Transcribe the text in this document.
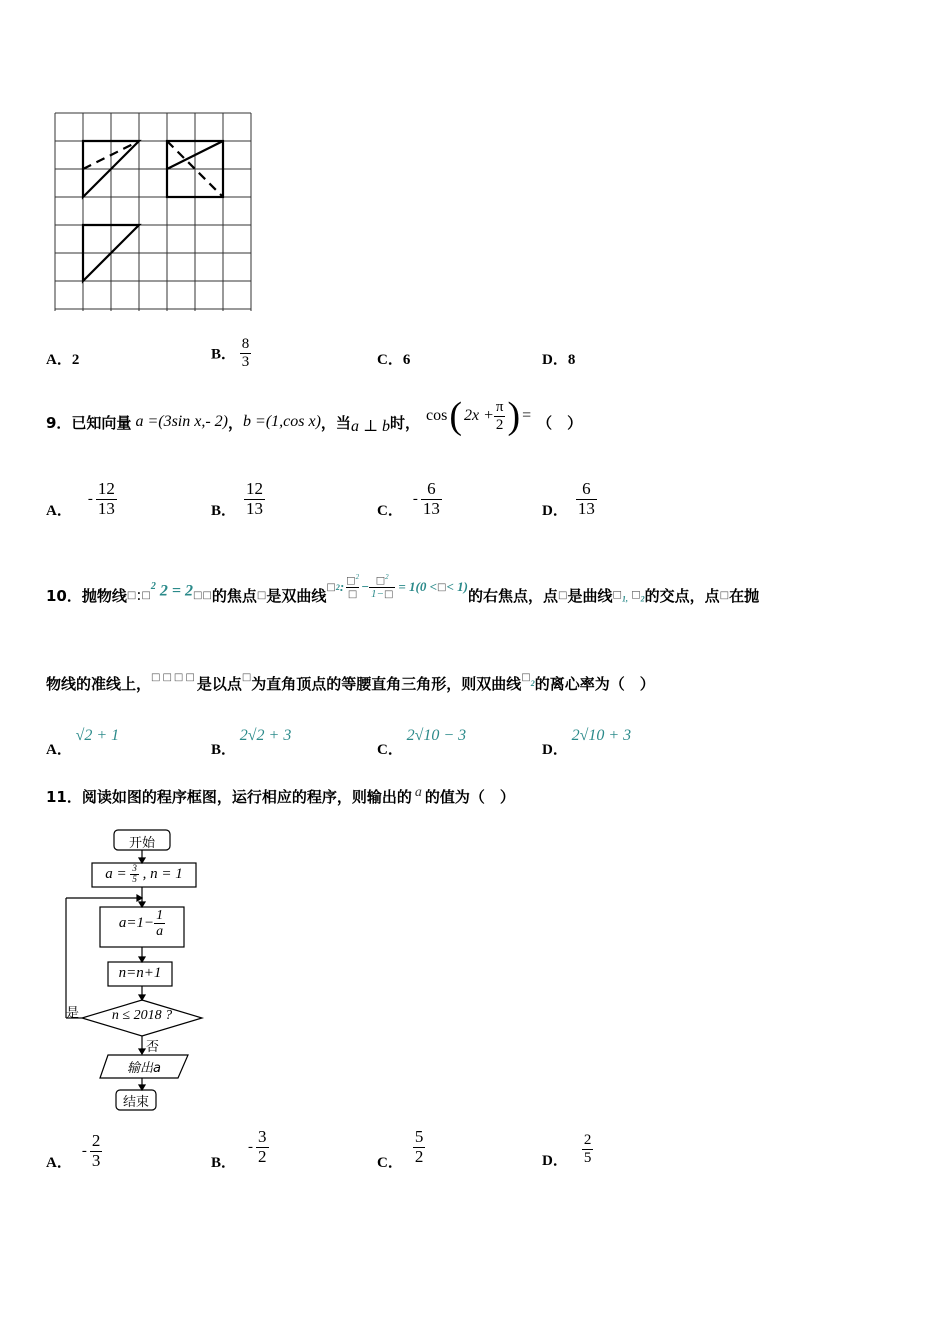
A．2	B． $\frac{8}{3}$	C．6	D．8
9．已知向量 a =(3sin x,- 2) ， b =(1,cos x) ，当 a ⊥ b 时， cos ( $2x + \frac{\pi}{2}$ ) = （　）
A．
- $\frac{12}{13}$	B． $\frac{12}{13}$	C．
- $\frac{6}{13}$	D． $\frac{6}{13}$
10．抛物线 □ : □
$^2$ 2 = 2 □□ 的焦点 □ 是双曲线 □ 2 : $\frac{□^2}{□} - \frac{□^2}{1-□} = 1(0$ < □ < 1) 的右焦点，点 □ 是曲线 $□_{1,}$ $□_2$ 的交点，点 □ 在抛
物线的准线上， □□□□ 是以点 □ 为直角顶点的等腰直角三角形，则双曲线 □
$_2$ 的离心率为（　）
A． √2 + 1
B． 2√2 + 3
C． 2√10 − 3
D． 2√10 + 3
11．阅读如图的程序框图，运行相应的程序，则输出的 a 的值为（　）
开始
$a = \frac{3}{5}$ , n = 1
$a=1- \frac{1}{a}$
n=n+1
n ≤ 2018 ?
是
否
输出a
结束
A．
- $\frac{2}{3}$	B．
- $\frac{3}{2}$	C． $\frac{5}{2}$	D． $\frac{2}{5}$
